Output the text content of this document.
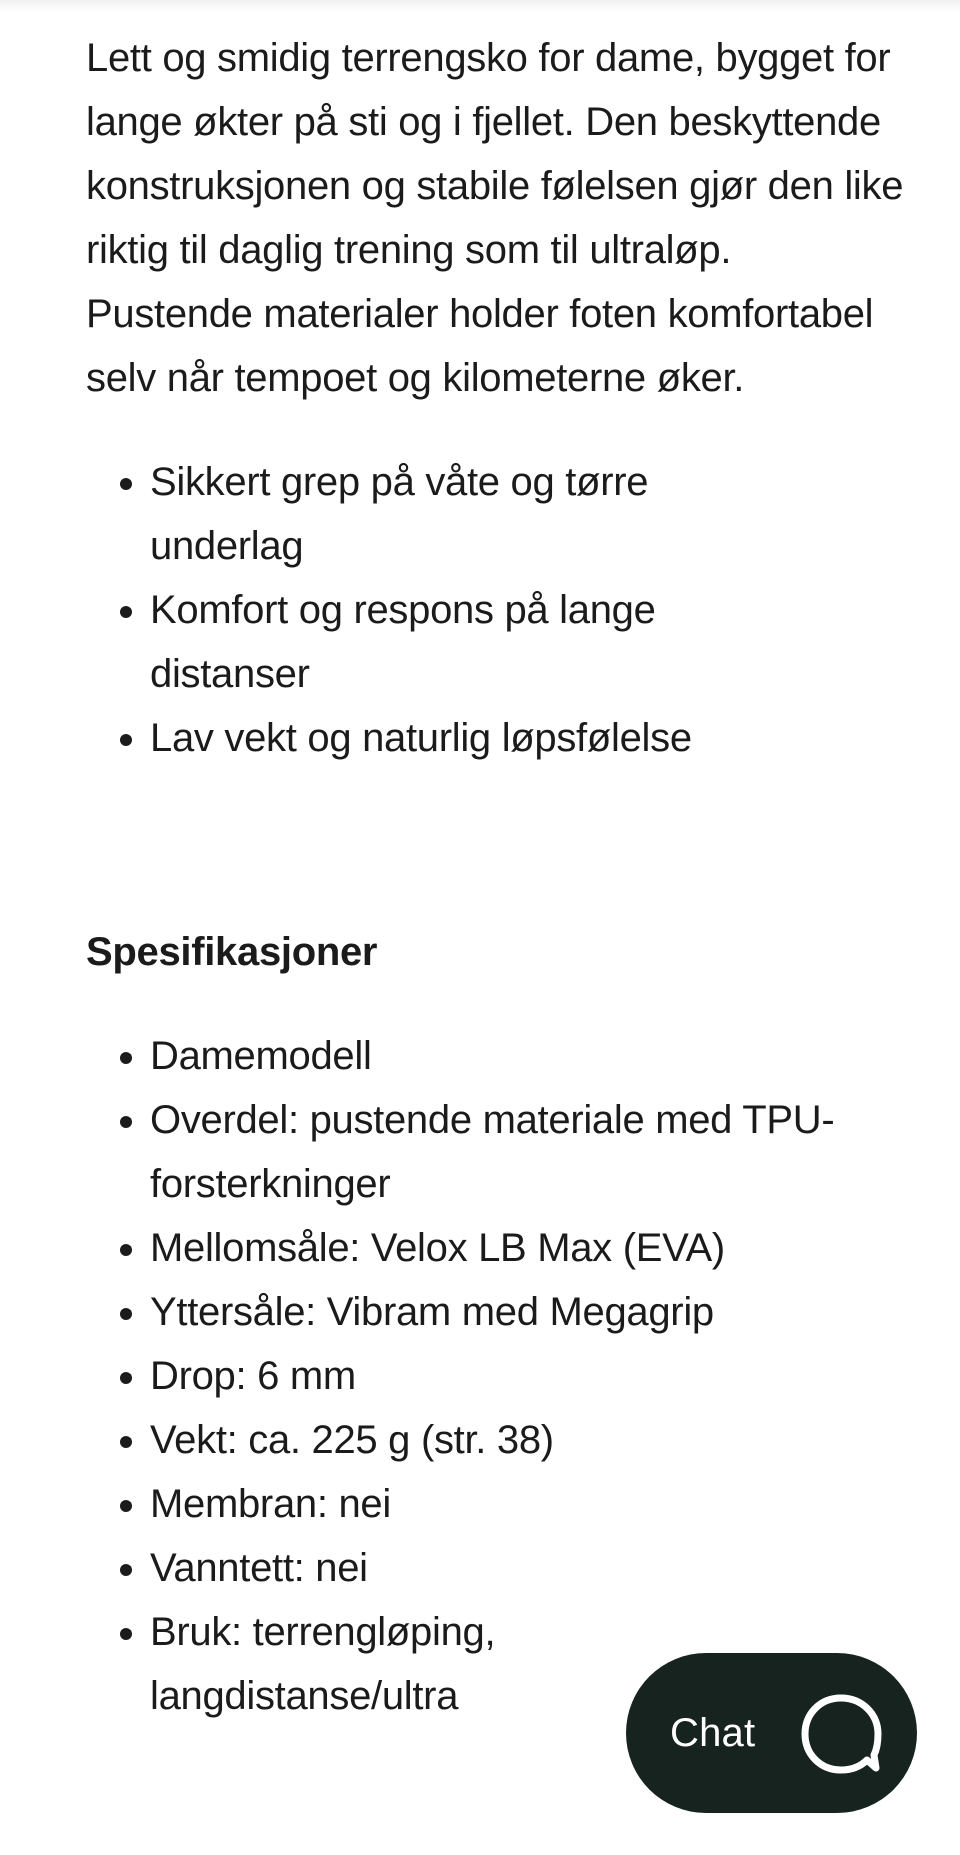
Lett og smidig terrengsko for dame, bygget for lange økter på sti og i fjellet. Den beskyttende konstruksjonen og stabile følelsen gjør den like riktig til daglig trening som til ultraløp. Pustende materialer holder foten komfortabel selv når tempoet og kilometerne øker.

• Sikkert grep på våte og tørre underlag
• Komfort og respons på lange distanser
• Lav vekt og naturlig løpsfølelse
Spesifikasjoner
• Damemodell
• Overdel: pustende materiale med TPU-forsterkninger
• Mellomsåle: Velox LB Max (EVA)
• Yttersåle: Vibram med Megagrip
• Drop: 6 mm
• Vekt: ca. 225 g (str. 38)
• Membran: nei
• Vanntett: nei
• Bruk: terrengløping, langdistanse/ultra
Chat
